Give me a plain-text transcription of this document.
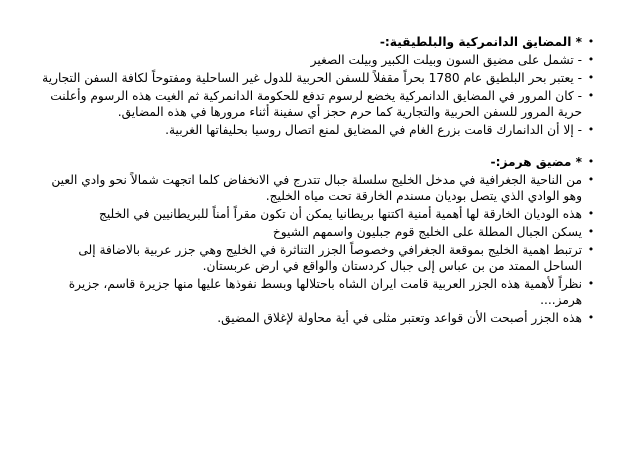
•
* المضايق الدانمركية والبلطيقية:-
•
- تشمل على مضيق السون وبيلت الكبير وبيلت الصغير
•
- يعتبر بحر البلطيق عام 1780 بحراً مقفلاً للسفن الحربية للدول غير الساحلية ومفتوحاً لكافة السفن التجارية
•
- كان المرور في المضايق الدانمركية يخضع لرسوم تدفع للحكومة الدانمركية ثم الغيت هذه الرسوم وأعلنت حرية المرور للسفن الحربية والتجارية كما حرم حجز أي سفينة أثناء مرورها في هذه المضايق.
•
- إلا أن الدانمارك قامت بزرع الغام في المضايق لمنع اتصال روسيا بحليفاتها الغربية.
•
* مضيق هرمز:-
•
من الناحية الجغرافية في مدخل الخليج سلسلة جبال تتدرج في الانخفاض كلما اتجهت شمالاً نحو وادي العين وهو الوادي الذي يتصل بوديان مسندم الخارقة تحت مياه الخليج.
•
هذه الوديان الخارقة لها أهمية أمنية اكتنها بريطانيا يمكن أن تكون مقراً أمناً للبريطانيين في الخليج
•
يسكن الجبال المطلة على الخليج قوم جبليون واسمهم الشيوخ
•
ترتبط اهمية الخليج بموقعة الجغرافي وخصوصاً الجزر التناثرة في الخليج وهي جزر عربية بالاضافة إلى الساحل الممتد من بن عباس إلى جبال كردستان والواقع في ارض عربستان.
•
نظراً لأهمية هذه الجزر العربية قامت ايران الشاه باحتلالها وبسط نفوذها عليها منها جزيرة قاسم، جزيرة هرمز....
•
هذه الجزر أصبحت الأن قواعد وتعتبر مثلى في أية محاولة لإغلاق المضيق.
